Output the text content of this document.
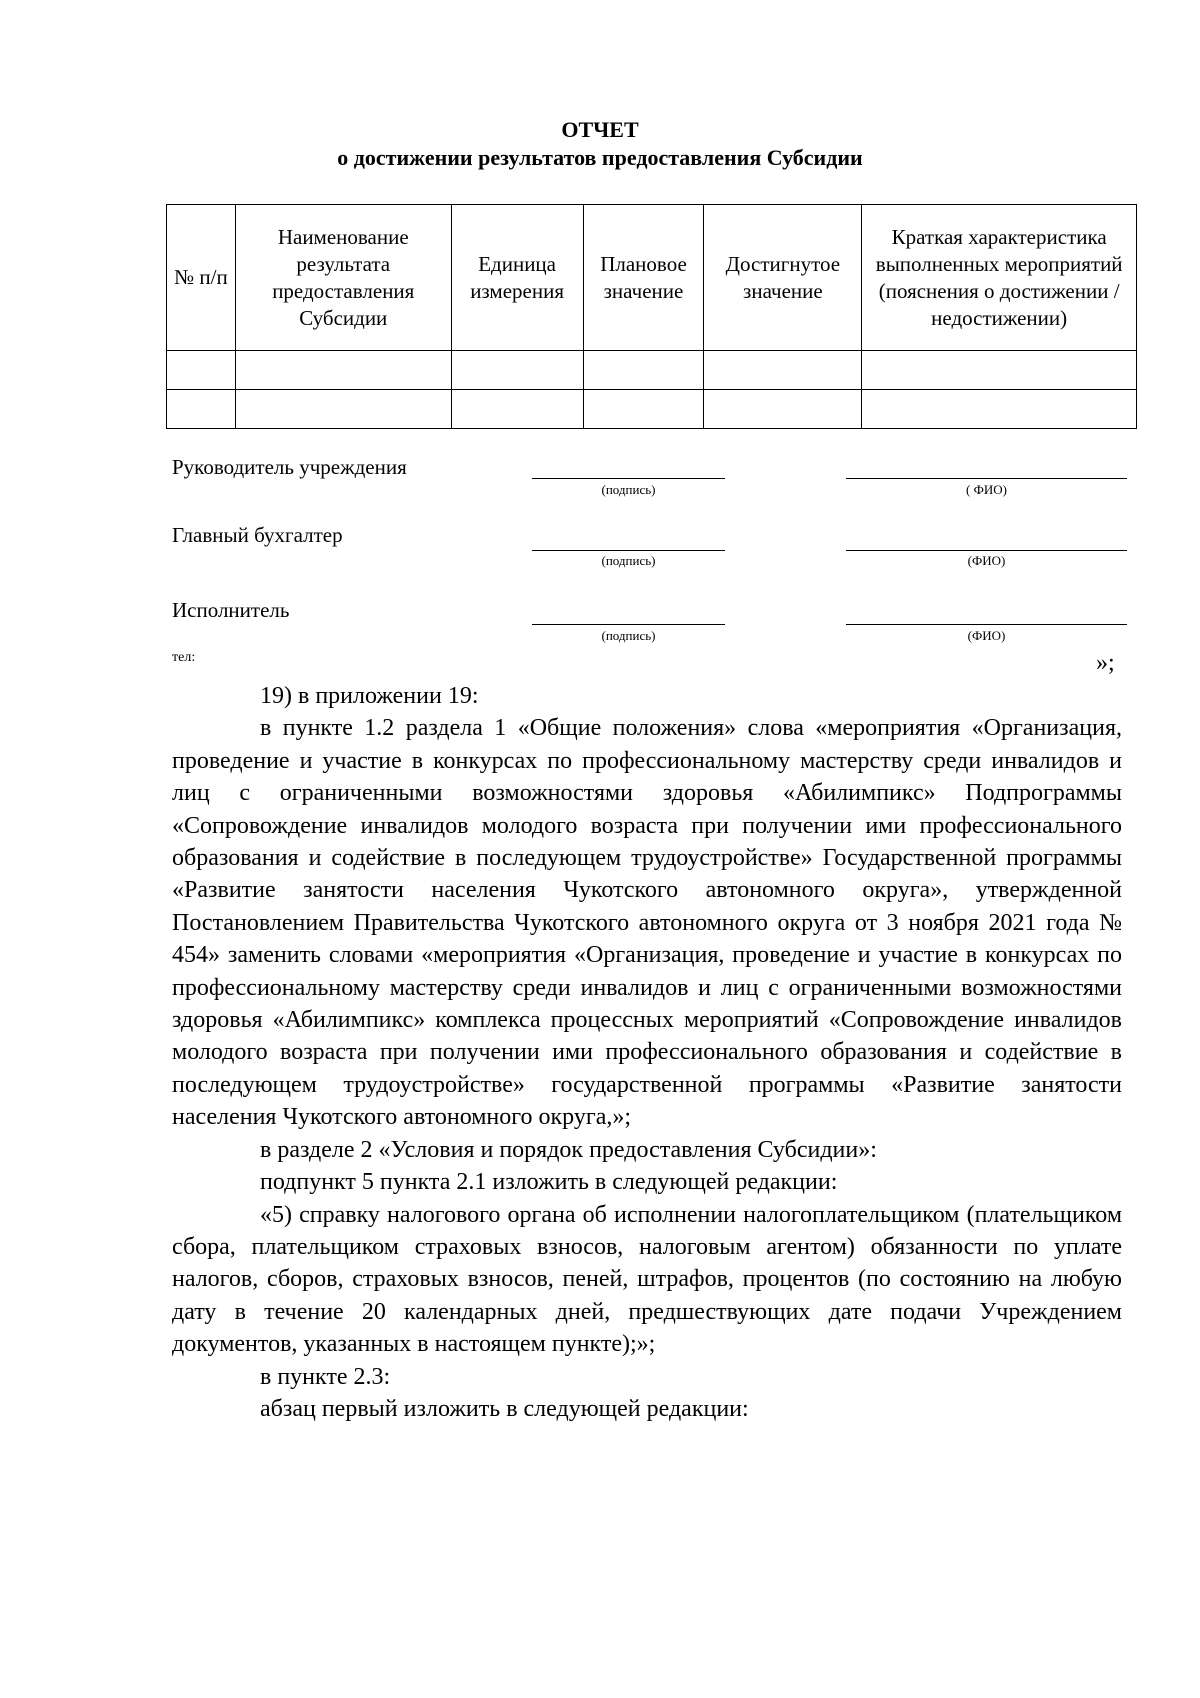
ОТЧЕТ
о достижении результатов предоставления Субсидии
№ п/п	Наименование результата предоставления Субсидии	Единица измерения	Плановое значение	Достигнутое значение	Краткая характеристика выполненных мероприятий (пояснения о достижении / недостижении)

Руководитель учреждения
(подпись)	( ФИО)
Главный бухгалтер
(подпись)	(ФИО)
Исполнитель
(подпись)	(ФИО)
тел:	»;

19) в приложении 19:

в пункте 1.2 раздела 1 «Общие положения» слова «мероприятия «Организация, проведение и участие в конкурсах по профессиональному мастерству среди инвалидов и лиц с ограниченными возможностями здоровья «Абилимпикс» Подпрограммы «Сопровождение инвалидов молодого возраста при получении ими профессионального образования и содействие в последующем трудоустройстве» Государственной программы «Развитие занятости населения Чукотского автономного округа», утвержденной Постановлением Правительства Чукотского автономного округа от 3 ноября 2021 года № 454» заменить словами «мероприятия «Организация, проведение и участие в конкурсах по профессиональному мастерству среди инвалидов и лиц с ограниченными возможностями здоровья «Абилимпикс» комплекса процессных мероприятий «Сопровождение инвалидов молодого возраста при получении ими профессионального образования и содействие в последующем трудоустройстве» государственной программы «Развитие занятости населения Чукотского автономного округа,»;

в разделе 2 «Условия и порядок предоставления Субсидии»:

подпункт 5 пункта 2.1 изложить в следующей редакции:

«5) справку налогового органа об исполнении налогоплательщиком (плательщиком сбора, плательщиком страховых взносов, налоговым агентом) обязанности по уплате налогов, сборов, страховых взносов, пеней, штрафов, процентов (по состоянию на любую дату в течение 20 календарных дней, предшествующих дате подачи Учреждением документов, указанных в настоящем пункте);»;

в пункте 2.3:

абзац первый изложить в следующей редакции:
